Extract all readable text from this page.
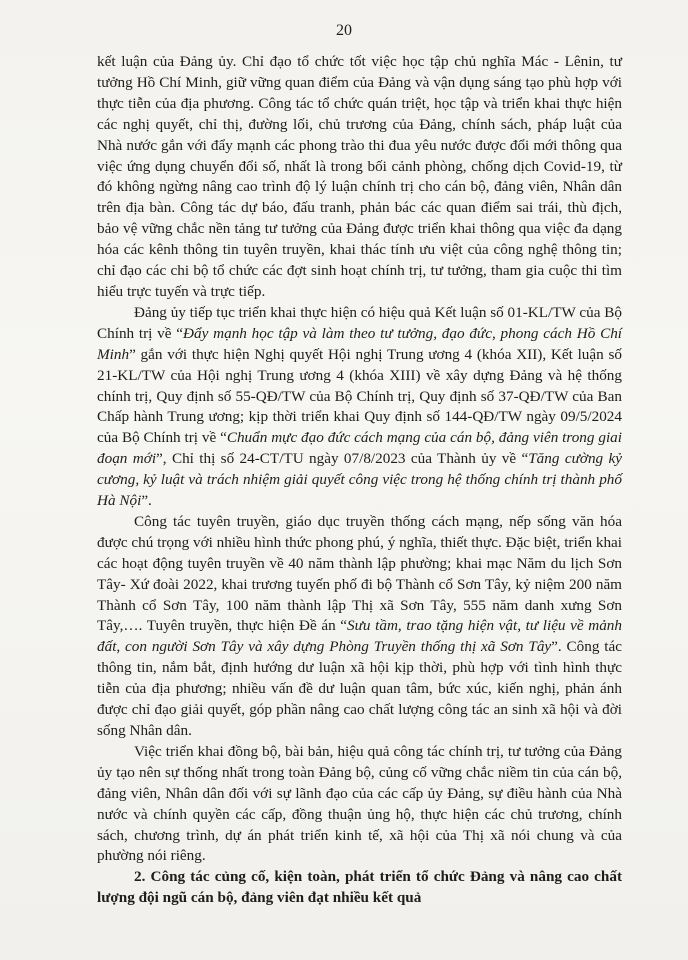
20

kết luận của Đảng ủy. Chỉ đạo tổ chức tốt việc học tập chủ nghĩa Mác - Lênin, tư tưởng Hồ Chí Minh, giữ vững quan điểm của Đảng và vận dụng sáng tạo phù hợp với thực tiễn của địa phương. Công tác tổ chức quán triệt, học tập và triển khai thực hiện các nghị quyết, chỉ thị, đường lối, chủ trương của Đảng, chính sách, pháp luật của Nhà nước gắn với đẩy mạnh các phong trào thi đua yêu nước được đổi mới thông qua việc ứng dụng chuyển đổi số, nhất là trong bối cảnh phòng, chống dịch Covid-19, từ đó không ngừng nâng cao trình độ lý luận chính trị cho cán bộ, đảng viên, Nhân dân trên địa bàn. Công tác dự báo, đấu tranh, phản bác các quan điểm sai trái, thù địch, bảo vệ vững chắc nền tảng tư tưởng của Đảng được triển khai thông qua việc đa dạng hóa các kênh thông tin tuyên truyền, khai thác tính ưu việt của công nghệ thông tin; chỉ đạo các chi bộ tổ chức các đợt sinh hoạt chính trị, tư tưởng, tham gia cuộc thi tìm hiểu trực tuyến và trực tiếp.

Đảng ủy tiếp tục triển khai thực hiện có hiệu quả Kết luận số 01-KL/TW của Bộ Chính trị về “Đẩy mạnh học tập và làm theo tư tưởng, đạo đức, phong cách Hồ Chí Minh” gắn với thực hiện Nghị quyết Hội nghị Trung ương 4 (khóa XII), Kết luận số 21-KL/TW của Hội nghị Trung ương 4 (khóa XIII) về xây dựng Đảng và hệ thống chính trị, Quy định số 55-QĐ/TW của Bộ Chính trị, Quy định số 37-QĐ/TW của Ban Chấp hành Trung ương; kịp thời triển khai Quy định số 144-QĐ/TW ngày 09/5/2024 của Bộ Chính trị về “Chuẩn mực đạo đức cách mạng của cán bộ, đảng viên trong giai đoạn mới”, Chỉ thị số 24-CT/TU ngày 07/8/2023 của Thành ủy về “Tăng cường kỷ cương, kỷ luật và trách nhiệm giải quyết công việc trong hệ thống chính trị thành phố Hà Nội”.

Công tác tuyên truyền, giáo dục truyền thống cách mạng, nếp sống văn hóa được chú trọng với nhiều hình thức phong phú, ý nghĩa, thiết thực. Đặc biệt, triển khai các hoạt động tuyên truyền về 40 năm thành lập phường; khai mạc Năm du lịch Sơn Tây- Xứ đoài 2022, khai trương tuyến phố đi bộ Thành cổ Sơn Tây, kỷ niệm 200 năm Thành cổ Sơn Tây, 100 năm thành lập Thị xã Sơn Tây, 555 năm danh xưng Sơn Tây,…. Tuyên truyền, thực hiện Đề án “Sưu tầm, trao tặng hiện vật, tư liệu về mảnh đất, con người Sơn Tây và xây dựng Phòng Truyền thống thị xã Sơn Tây”. Công tác thông tin, nắm bắt, định hướng dư luận xã hội kịp thời, phù hợp với tình hình thực tiễn của địa phương; nhiều vấn đề dư luận quan tâm, bức xúc, kiến nghị, phản ánh được chỉ đạo giải quyết, góp phần nâng cao chất lượng công tác an sinh xã hội và đời sống Nhân dân.

Việc triển khai đồng bộ, bài bản, hiệu quả công tác chính trị, tư tưởng của Đảng ủy tạo nên sự thống nhất trong toàn Đảng bộ, củng cố vững chắc niềm tin của cán bộ, đảng viên, Nhân dân đối với sự lãnh đạo của các cấp ủy Đảng, sự điều hành của Nhà nước và chính quyền các cấp, đồng thuận ủng hộ, thực hiện các chủ trương, chính sách, chương trình, dự án phát triển kinh tế, xã hội của Thị xã nói chung và của phường nói riêng.

2. Công tác củng cố, kiện toàn, phát triển tổ chức Đảng và nâng cao chất lượng đội ngũ cán bộ, đảng viên đạt nhiều kết quả
